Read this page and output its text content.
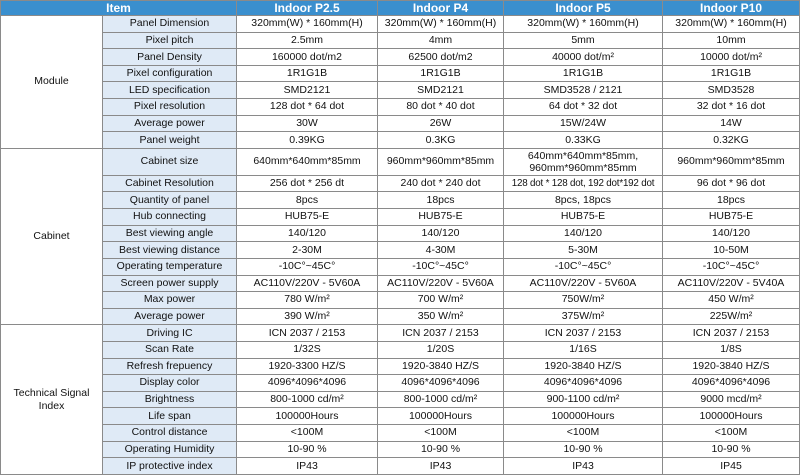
Item		Indoor P2.5	Indoor P4	Indoor P5	Indoor P10
Module	Panel Dimension	320mm(W) * 160mm(H)	320mm(W) * 160mm(H)	320mm(W) * 160mm(H)	320mm(W) * 160mm(H)
	Pixel pitch	2.5mm	4mm	5mm	10mm
	Panel Density	160000 dot/m2	62500 dot/m2	40000 dot/m²	10000 dot/m²
	Pixel configuration	1R1G1B	1R1G1B	1R1G1B	1R1G1B
	LED specification	SMD2121	SMD2121	SMD3528 / 2121	SMD3528
	Pixel resolution	128 dot * 64 dot	80 dot * 40 dot	64 dot * 32 dot	32 dot * 16 dot
	Average power	30W	26W	15W/24W	14W
	Panel weight	0.39KG	0.3KG	0.33KG	0.32KG
Cabinet	Cabinet size	640mm*640mm*85mm	960mm*960mm*85mm	640mm*640mm*85mm, 960mm*960mm*85mm	960mm*960mm*85mm
	Cabinet Resolution	256 dot * 256 dt	240 dot * 240 dot	128 dot * 128 dot, 192 dot*192 dot	96 dot * 96 dot
	Quantity of panel	8pcs	18pcs	8pcs, 18pcs	18pcs
	Hub connecting	HUB75-E	HUB75-E	HUB75-E	HUB75-E
	Best viewing angle	140/120	140/120	140/120	140/120
	Best viewing distance	2-30M	4-30M	5-30M	10-50M
	Operating temperature	-10C°~45C°	-10C°~45C°	-10C°~45C°	-10C°~45C°
	Screen power supply	AC110V/220V - 5V60A	AC110V/220V - 5V60A	AC110V/220V - 5V60A	AC110V/220V - 5V40A
	Max power	780 W/m²	700 W/m²	750W/m²	450 W/m²
	Average power	390 W/m²	350 W/m²	375W/m²	225W/m²
Technical Signal Index	Driving IC	ICN 2037 / 2153	ICN 2037 / 2153	ICN 2037 / 2153	ICN 2037 / 2153
	Scan Rate	1/32S	1/20S	1/16S	1/8S
	Refresh frepuency	1920-3300 HZ/S	1920-3840 HZ/S	1920-3840 HZ/S	1920-3840 HZ/S
	Display color	4096*4096*4096	4096*4096*4096	4096*4096*4096	4096*4096*4096
	Brightness	800-1000 cd/m²	800-1000 cd/m²	900-1100 cd/m²	9000 mcd/m²
	Life span	100000Hours	100000Hours	100000Hours	100000Hours
	Control distance	<100M	<100M	<100M	<100M
	Operating Humidity	10-90 %	10-90 %	10-90 %	10-90 %
	IP protective index	IP43	IP43	IP43	IP45
